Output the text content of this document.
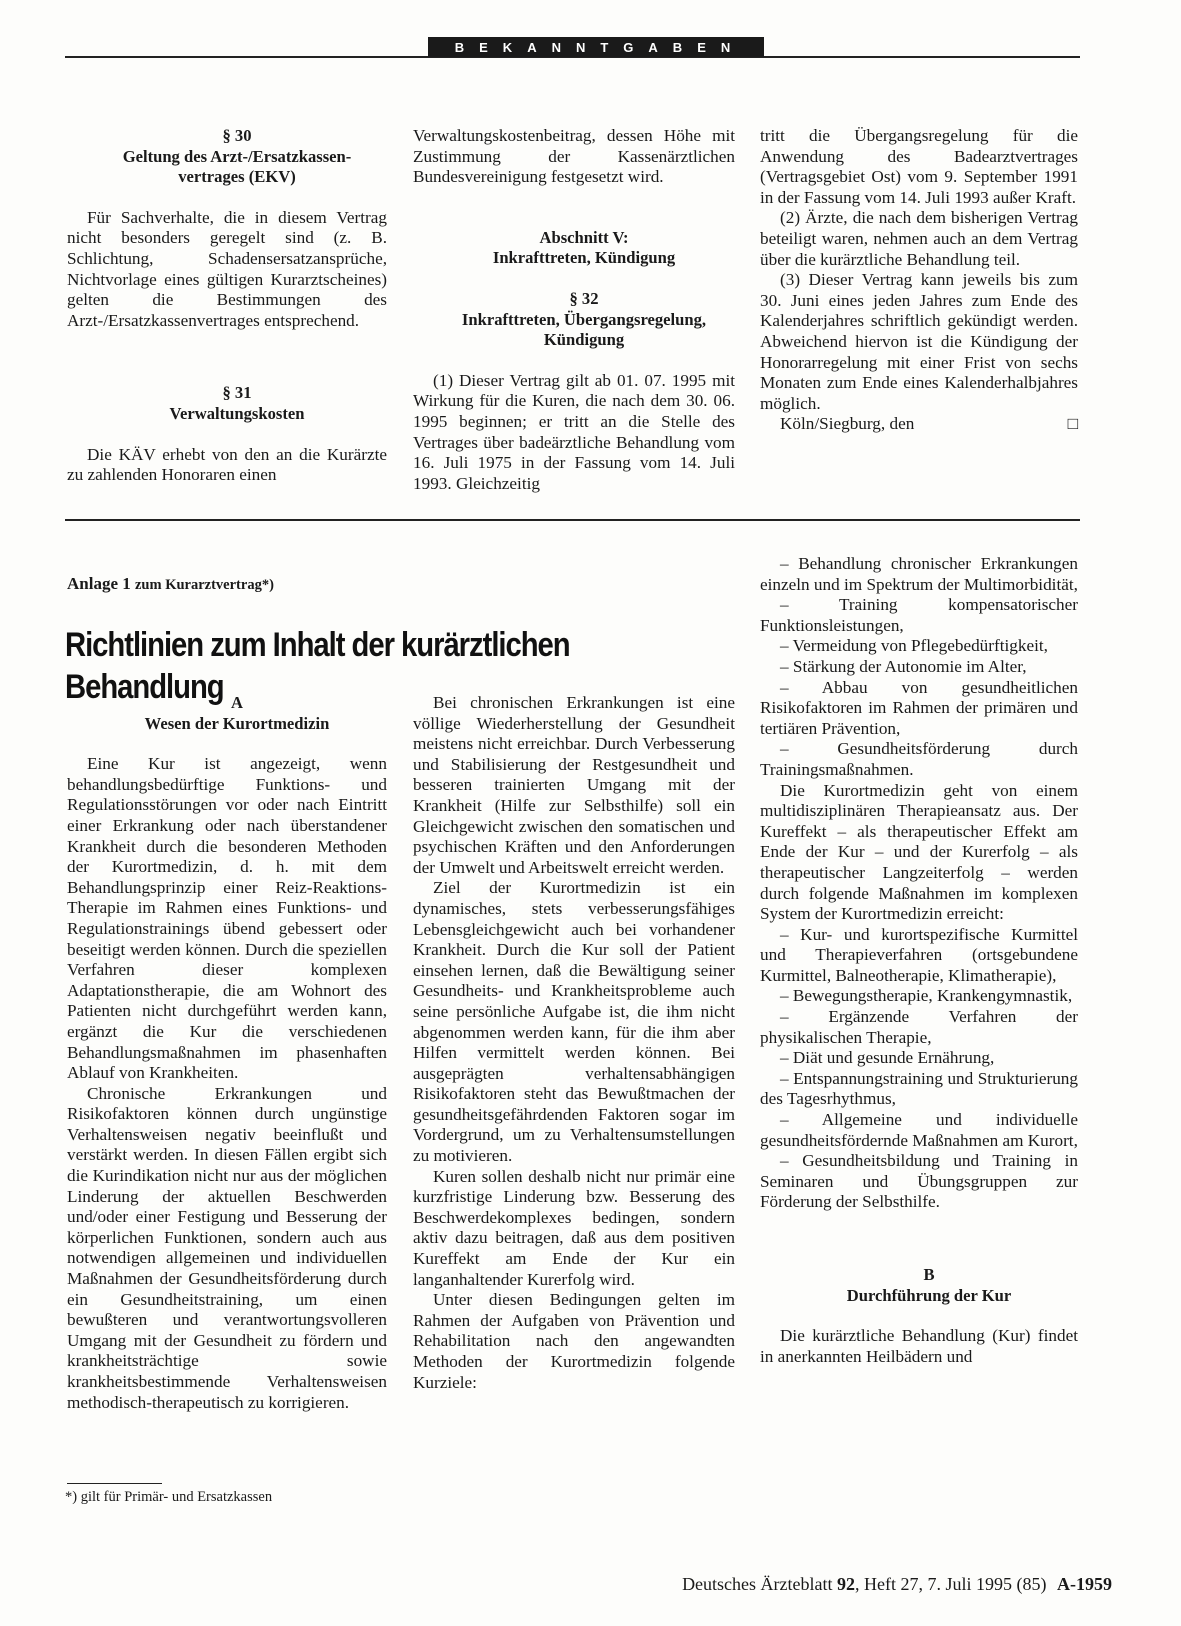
BEKANNTGABEN

§ 30

Geltung des Arzt-/Ersatzkassen-

vertrages (EKV)

Für Sachverhalte, die in diesem Vertrag nicht besonders geregelt sind (z. B. Schlichtung, Schadensersatzansprüche, Nichtvorlage eines gültigen Kurarztscheines) gelten die Bestimmungen des Arzt-/Ersatzkassenvertrages entsprechend.

§ 31

Verwaltungskosten

Die KÄV erhebt von den an die Kurärzte zu zahlenden Honoraren einen

Verwaltungskostenbeitrag, dessen Höhe mit Zustimmung der Kassenärztlichen Bundesvereinigung festgesetzt wird.

Abschnitt V:

Inkrafttreten, Kündigung

§ 32

Inkrafttreten, Übergangsregelung,

Kündigung

(1) Dieser Vertrag gilt ab 01. 07. 1995 mit Wirkung für die Kuren, die nach dem 30. 06. 1995 beginnen; er tritt an die Stelle des Vertrages über badeärztliche Behandlung vom 16. Juli 1975 in der Fassung vom 14. Juli 1993. Gleichzeitig

tritt die Übergangsregelung für die Anwendung des Badearztvertrages (Vertragsgebiet Ost) vom 9. September 1991 in der Fassung vom 14. Juli 1993 außer Kraft.

(2) Ärzte, die nach dem bisherigen Vertrag beteiligt waren, nehmen auch an dem Vertrag über die kurärztliche Behandlung teil.

(3) Dieser Vertrag kann jeweils bis zum 30. Juni eines jeden Jahres zum Ende des Kalenderjahres schriftlich gekündigt werden. Abweichend hiervon ist die Kündigung der Honorarregelung mit einer Frist von sechs Monaten zum Ende eines Kalenderhalbjahres möglich.

Köln/Siegburg, den	□

Anlage 1 zum Kurarztvertrag*)
Richtlinien zum Inhalt der kurärztlichen Behandlung A

Wesen der Kurortmedizin

Eine Kur ist angezeigt, wenn behandlungsbedürftige Funktions- und Regulationsstörungen vor oder nach Eintritt einer Erkrankung oder nach überstandener Krankheit durch die besonderen Methoden der Kurortmedizin, d. h. mit dem Behandlungsprinzip einer Reiz-Reaktions-Therapie im Rahmen eines Funktions- und Regulationstrainings übend gebessert oder beseitigt werden können. Durch die speziellen Verfahren dieser komplexen Adaptationstherapie, die am Wohnort des Patienten nicht durchgeführt werden kann, ergänzt die Kur die verschiedenen Behandlungsmaßnahmen im phasenhaften Ablauf von Krankheiten.

Chronische Erkrankungen und Risikofaktoren können durch ungünstige Verhaltensweisen negativ beeinflußt und verstärkt werden. In diesen Fällen ergibt sich die Kurindikation nicht nur aus der möglichen Linderung der aktuellen Beschwerden und/oder einer Festigung und Besserung der körperlichen Funktionen, sondern auch aus notwendigen allgemeinen und individuellen Maßnahmen der Gesundheitsförderung durch ein Gesundheitstraining, um einen bewußteren und verantwortungsvolleren Umgang mit der Gesundheit zu fördern und krankheitsträchtige sowie krankheitsbestimmende Verhaltensweisen methodisch-therapeutisch zu korrigieren.

Bei chronischen Erkrankungen ist eine völlige Wiederherstellung der Gesundheit meistens nicht erreichbar. Durch Verbesserung und Stabilisierung der Restgesundheit und besseren trainierten Umgang mit der Krankheit (Hilfe zur Selbsthilfe) soll ein Gleichgewicht zwischen den somatischen und psychischen Kräften und den Anforderungen der Umwelt und Arbeitswelt erreicht werden.

Ziel der Kurortmedizin ist ein dynamisches, stets verbesserungsfähiges Lebensgleichgewicht auch bei vorhandener Krankheit. Durch die Kur soll der Patient einsehen lernen, daß die Bewältigung seiner Gesundheits- und Krankheitsprobleme auch seine persönliche Aufgabe ist, die ihm nicht abgenommen werden kann, für die ihm aber Hilfen vermittelt werden können. Bei ausgeprägten verhaltensabhängigen Risikofaktoren steht das Bewußtmachen der gesundheitsgefährdenden Faktoren sogar im Vordergrund, um zu Verhaltensumstellungen zu motivieren.

Kuren sollen deshalb nicht nur primär eine kurzfristige Linderung bzw. Besserung des Beschwerdekomplexes bedingen, sondern aktiv dazu beitragen, daß aus dem positiven Kureffekt am Ende der Kur ein langanhaltender Kurerfolg wird.

Unter diesen Bedingungen gelten im Rahmen der Aufgaben von Prävention und Rehabilitation nach den angewandten Methoden der Kurortmedizin folgende Kurziele:

– Behandlung chronischer Erkrankungen einzeln und im Spektrum der Multimorbidität,

– Training kompensatorischer Funktionsleistungen,

– Vermeidung von Pflegebedürftigkeit,

– Stärkung der Autonomie im Alter,

– Abbau von gesundheitlichen Risikofaktoren im Rahmen der primären und tertiären Prävention,

– Gesundheitsförderung durch Trainingsmaßnahmen.

Die Kurortmedizin geht von einem multidisziplinären Therapieansatz aus. Der Kureffekt – als therapeutischer Effekt am Ende der Kur – und der Kurerfolg – als therapeutischer Langzeiterfolg – werden durch folgende Maßnahmen im komplexen System der Kurortmedizin erreicht:

– Kur- und kurortspezifische Kurmittel und Therapieverfahren (ortsgebundene Kurmittel, Balneotherapie, Klimatherapie),

– Bewegungstherapie, Krankengymnastik,

– Ergänzende Verfahren der physikalischen Therapie,

– Diät und gesunde Ernährung,

– Entspannungstraining und Strukturierung des Tagesrhythmus,

– Allgemeine und individuelle gesundheitsfördernde Maßnahmen am Kurort,

– Gesundheitsbildung und Training in Seminaren und Übungsgruppen zur Förderung der Selbsthilfe.

B

Durchführung der Kur

Die kurärztliche Behandlung (Kur) findet in anerkannten Heilbädern und

*) gilt für Primär- und Ersatzkassen
Deutsches Ärzteblatt 92, Heft 27, 7. Juli 1995 (85) A-1959
